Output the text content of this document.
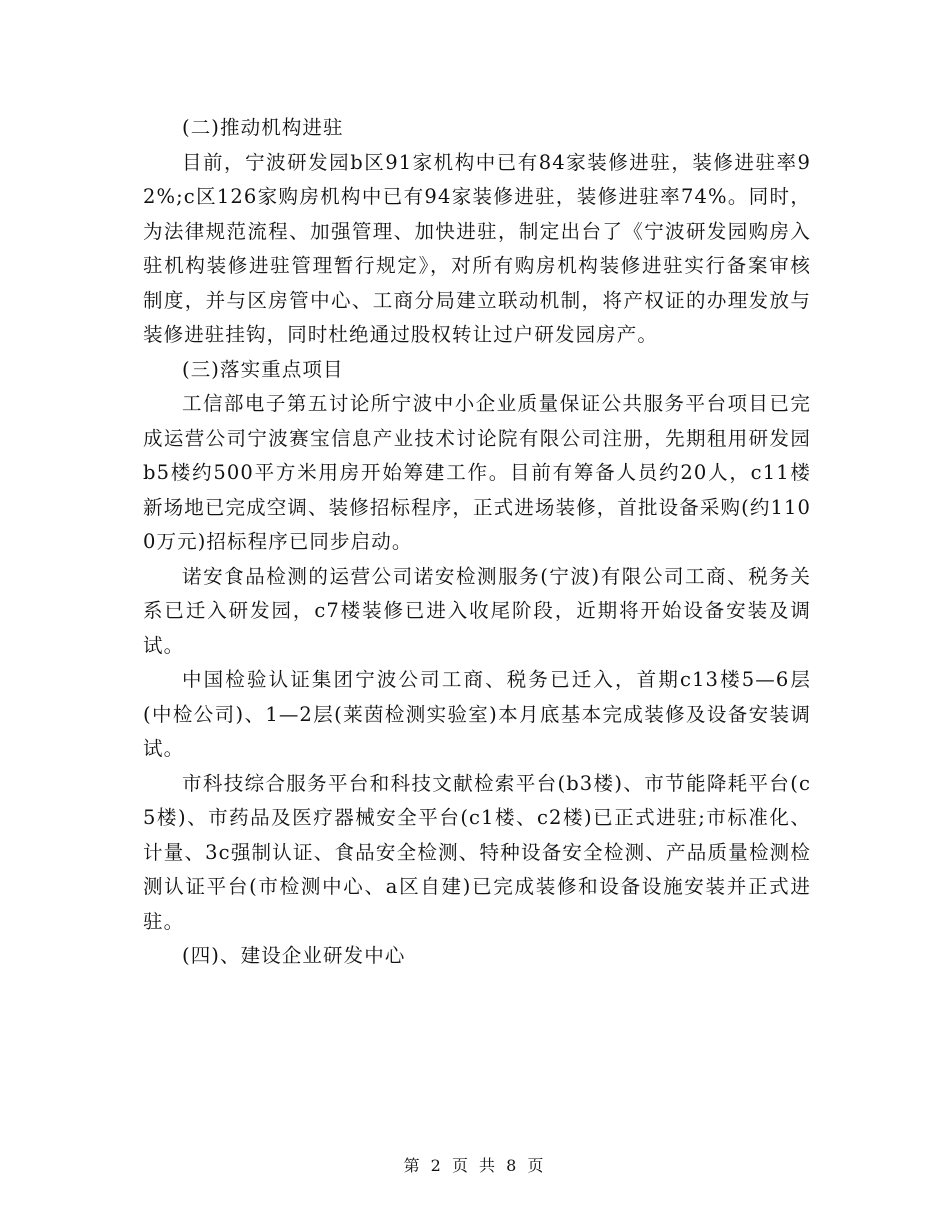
(二)推动机构进驻

目前，宁波研发园b区91家机构中已有84家装修进驻，装修进驻率92%;c区126家购房机构中已有94家装修进驻，装修进驻率74%。同时，为法律规范流程、加强管理、加快进驻，制定出台了《宁波研发园购房入驻机构装修进驻管理暂行规定》，对所有购房机构装修进驻实行备案审核制度，并与区房管中心、工商分局建立联动机制，将产权证的办理发放与装修进驻挂钩，同时杜绝通过股权转让过户研发园房产。

(三)落实重点项目

工信部电子第五讨论所宁波中小企业质量保证公共服务平台项目已完成运营公司宁波赛宝信息产业技术讨论院有限公司注册，先期租用研发园b5楼约500平方米用房开始筹建工作。目前有筹备人员约20人，c11楼新场地已完成空调、装修招标程序，正式进场装修，首批设备采购(约1100万元)招标程序已同步启动。

诺安食品检测的运营公司诺安检测服务(宁波)有限公司工商、税务关系已迁入研发园，c7楼装修已进入收尾阶段，近期将开始设备安装及调试。

中国检验认证集团宁波公司工商、税务已迁入，首期c13楼5—6层(中检公司)、1—2层(莱茵检测实验室)本月底基本完成装修及设备安装调试。

市科技综合服务平台和科技文献检索平台(b3楼)、市节能降耗平台(c5楼)、市药品及医疗器械安全平台(c1楼、c2楼)已正式进驻;市标准化、计量、3c强制认证、食品安全检测、特种设备安全检测、产品质量检测检测认证平台(市检测中心、a区自建)已完成装修和设备设施安装并正式进驻。

(四)、建设企业研发中心

第 2 页 共 8 页
